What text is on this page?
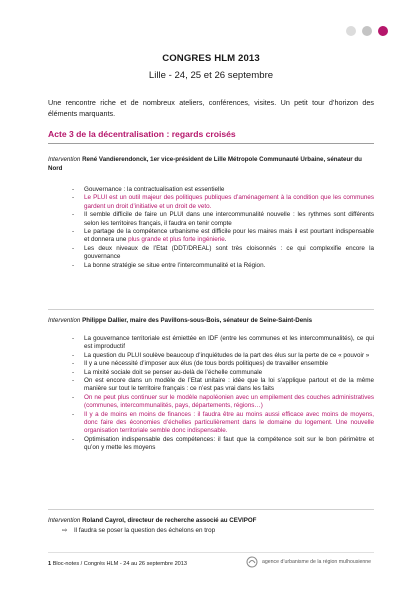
CONGRES HLM 2013
Lille - 24, 25 et 26 septembre
Une rencontre riche et de nombreux ateliers, conférences, visites. Un petit tour d’horizon des éléments marquants.
Acte 3 de la décentralisation : regards croisés
Intervention René Vandierendonck, 1er vice-président de Lille Métropole Communauté Urbaine, sénateur du Nord
- Gouvernance : la contractualisation est essentielle
- Le PLUI est un outil majeur des politiques publiques d’aménagement à la condition que les communes gardent un droit d’initiative et un droit de veto.
- Il semble difficile de faire un PLUI dans une intercommunalité nouvelle : les rythmes sont différents selon les territoires français, il faudra en tenir compte
- Le partage de la compétence urbanisme est difficile pour les maires mais il est pourtant indispensable et donnera une plus grande et plus forte ingénierie.
- Les deux niveaux de l’Etat (DDT/DREAL) sont très cloisonnés : ce qui complexifie encore la gouvernance
- La bonne stratégie se situe entre l’intercommunalité et la Région.
Intervention Philippe Dallier, maire des Pavillons-sous-Bois, sénateur de Seine-Saint-Denis
- La gouvernance territoriale est émiettée en IDF (entre les communes et les intercommunalités), ce qui est improductif
- La question du PLUI soulève beaucoup d’inquiétudes de la part des élus sur la perte de ce « pouvoir »
- Il y a une nécessité d’imposer aux élus (de tous bords politiques) de travailler ensemble
- La mixité sociale doit se penser au-delà de l’échelle communale
- On est encore dans un modèle de l’Etat unitaire : idée que la loi s’applique partout et de la même manière sur tout le territoire français : ce n’est pas vrai dans les faits
- On ne peut plus continuer sur le modèle napoléonien avec un empilement des couches administratives (communes, intercommunalités, pays, départements, régions…)
- Il y a de moins en moins de finances : il faudra être au moins aussi efficace avec moins de moyens, donc faire des économies d’échelles particulièrement dans le domaine du logement. Une nouvelle organisation territoriale semble donc indispensable.
- Optimisation indispensable des compétences: il faut que la compétence soit sur le bon périmètre et qu’on y mette les moyens
Intervention Roland Cayrol, directeur de recherche associé au CEVIPOF
⇨ Il faudra se poser la question des échelons en trop
1 Bloc-notes / Congrès HLM - 24 au 26 septembre 2013	agence d’urbanisme de la région mulhousienne
